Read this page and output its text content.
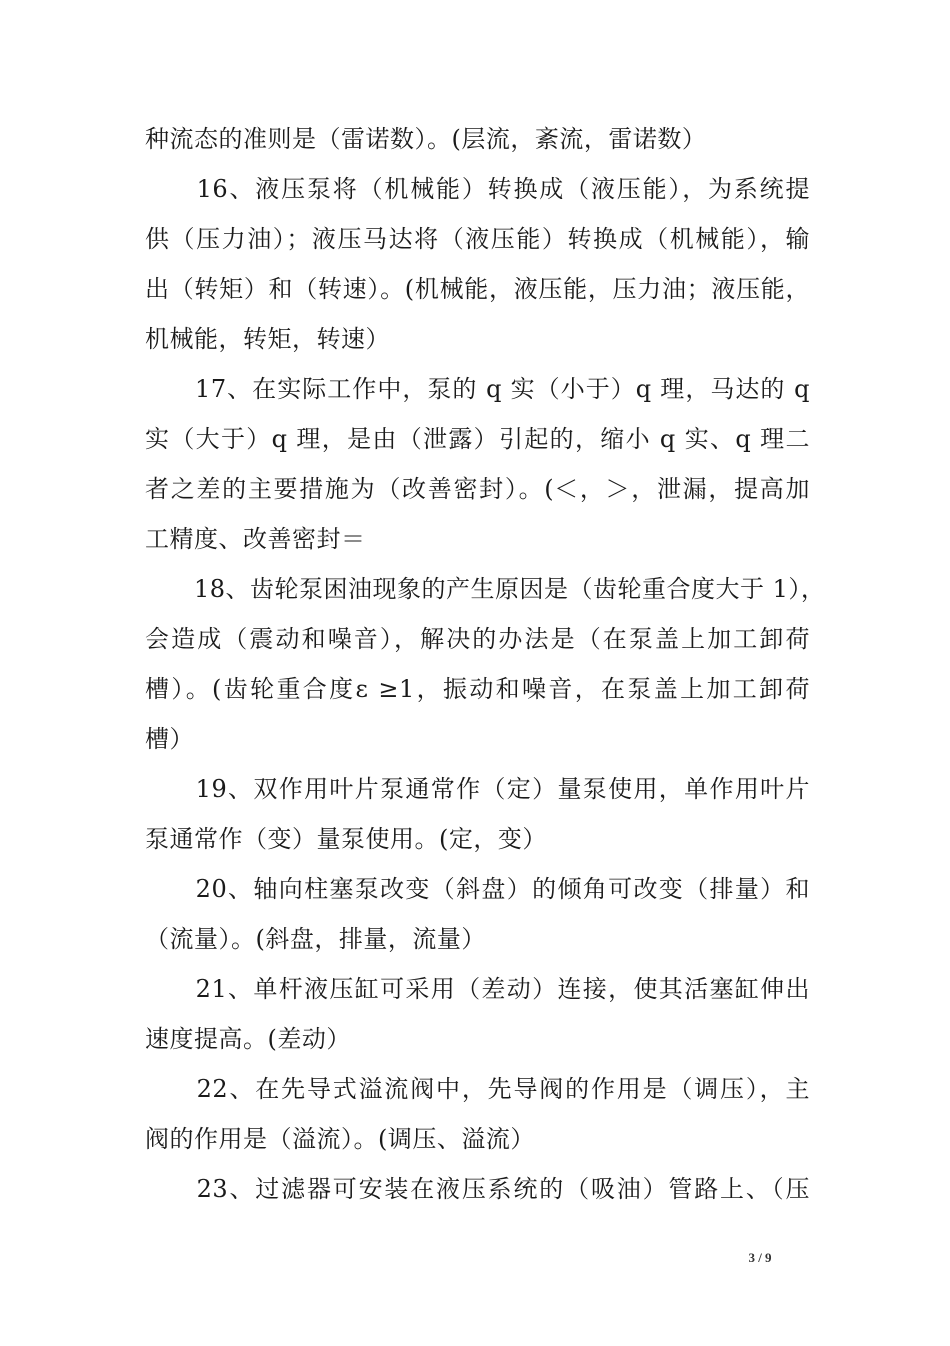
种流态的准则是（雷诺数）。(层流，紊流，雷诺数）
　　16、液压泵将（机械能）转换成（液压能），为系统提
供（压力油）；液压马达将（液压能）转换成（机械能），输
出（转矩）和（转速）。(机械能，液压能，压力油；液压能，
机械能，转矩，转速）
　　17、在实际工作中，泵的 q 实（小于）q 理，马达的 q
实（大于）q 理，是由（泄露）引起的，缩小 q 实、q 理二
者之差的主要措施为（改善密封）。(＜，＞，泄漏，提高加
工精度、改善密封＝
　　18、齿轮泵困油现象的产生原因是（齿轮重合度大于 1），
会造成（震动和噪音），解决的办法是（在泵盖上加工卸荷
槽）。(齿轮重合度ε ≥1，振动和噪音，在泵盖上加工卸荷
槽）
　　19、双作用叶片泵通常作（定）量泵使用，单作用叶片
泵通常作（变）量泵使用。(定，变）
　　20、轴向柱塞泵改变（斜盘）的倾角可改变（排量）和
（流量）。(斜盘，排量，流量）
　　21、单杆液压缸可采用（差动）连接，使其活塞缸伸出
速度提高。(差动）
　　22、在先导式溢流阀中，先导阀的作用是（调压），主
阀的作用是（溢流）。(调压、溢流）
　　23、过滤器可安装在液压系统的（吸油）管路上、（压
3 / 9
